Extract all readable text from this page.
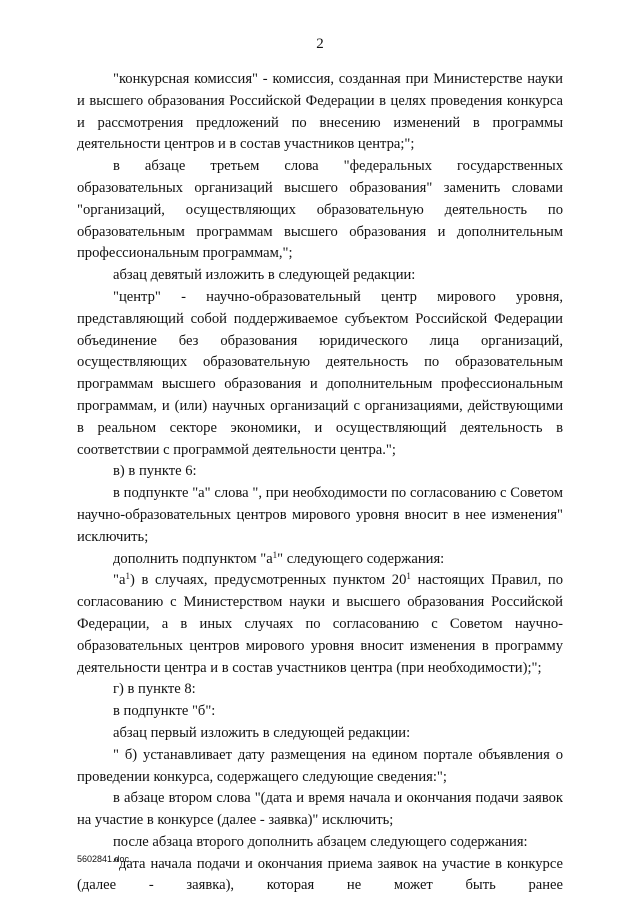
2

"конкурсная комиссия" - комиссия, созданная при Министерстве науки и высшего образования Российской Федерации в целях проведения конкурса и рассмотрения предложений по внесению изменений в программы деятельности центров и в состав участников центра;";

в абзаце третьем слова "федеральных государственных образовательных организаций высшего образования" заменить словами "организаций, осуществляющих образовательную деятельность по образовательным программам высшего образования и дополнительным профессиональным программам,";

абзац девятый изложить в следующей редакции:

"центр" - научно-образовательный центр мирового уровня, представляющий собой поддерживаемое субъектом Российской Федерации объединение без образования юридического лица организаций, осуществляющих образовательную деятельность по образовательным программам высшего образования и дополнительным профессиональным программам, и (или) научных организаций с организациями, действующими в реальном секторе экономики, и осуществляющий деятельность в соответствии с программой деятельности центра.";

в) в пункте 6:

в подпункте "а" слова ", при необходимости по согласованию с Советом научно-образовательных центров мирового уровня вносит в нее изменения" исключить;

дополнить подпунктом "$а^1$" следующего содержания:

"$а^1$) в случаях, предусмотренных пунктом $20^1$ настоящих Правил, по согласованию с Министерством науки и высшего образования Российской Федерации, а в иных случаях по согласованию с Советом научно-образовательных центров мирового уровня вносит изменения в программу деятельности центра и в состав участников центра (при необходимости);";

г) в пункте 8:

в подпункте "б":

абзац первый изложить в следующей редакции:

" б) устанавливает дату размещения на едином портале объявления о проведении конкурса, содержащего следующие сведения:";

в абзаце втором слова "(дата и время начала и окончания подачи заявок на участие в конкурсе (далее - заявка)" исключить;

после абзаца второго дополнить абзацем следующего содержания:

"дата начала подачи и окончания приема заявок на участие в конкурсе (далее - заявка), которая не может быть ранее

5602841.doc
